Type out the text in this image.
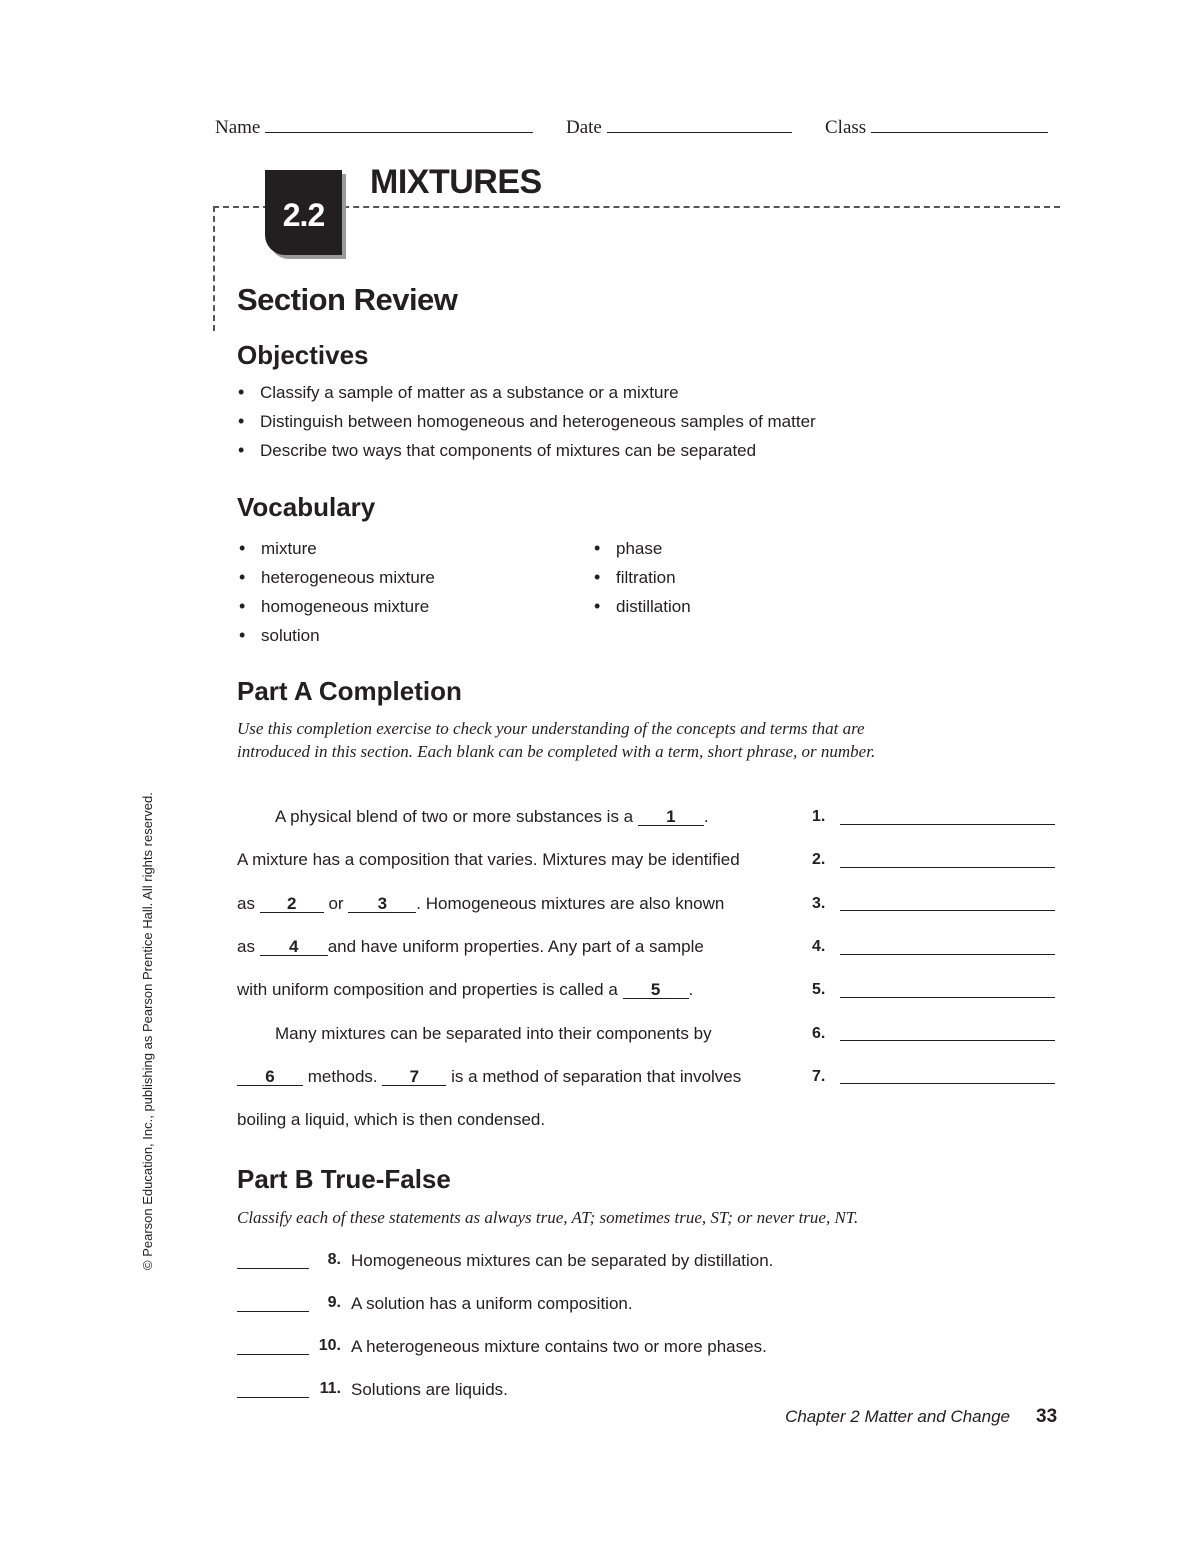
Name	Date	Class
2.2
MIXTURES
Section Review
Objectives
• Classify a sample of matter as a substance or a mixture
• Distinguish between homogeneous and heterogeneous samples of matter
• Describe two ways that components of mixtures can be separated
Vocabulary
• mixture
• heterogeneous mixture
• homogeneous mixture
• solution
• phase
• filtration
• distillation
Part A Completion
Use this completion exercise to check your understanding of the concepts and terms that are introduced in this section. Each blank can be completed with a term, short phrase, or number.
A physical blend of two or more substances is a 1 .
A mixture has a composition that varies. Mixtures may be identified
as 2 or 3 . Homogeneous mixtures are also known
as 4 and have uniform properties. Any part of a sample
with uniform composition and properties is called a 5 .
Many mixtures can be separated into their components by
6 methods. 7 is a method of separation that involves
boiling a liquid, which is then condensed.
1.
2.
3.
4.
5.
6.
7.
Part B True-False
Classify each of these statements as always true, AT; sometimes true, ST; or never true, NT.
8. Homogeneous mixtures can be separated by distillation.
9. A solution has a uniform composition.
10. A heterogeneous mixture contains two or more phases.
11. Solutions are liquids.
© Pearson Education, Inc., publishing as Pearson Prentice Hall. All rights reserved.
Chapter 2 Matter and Change 33
